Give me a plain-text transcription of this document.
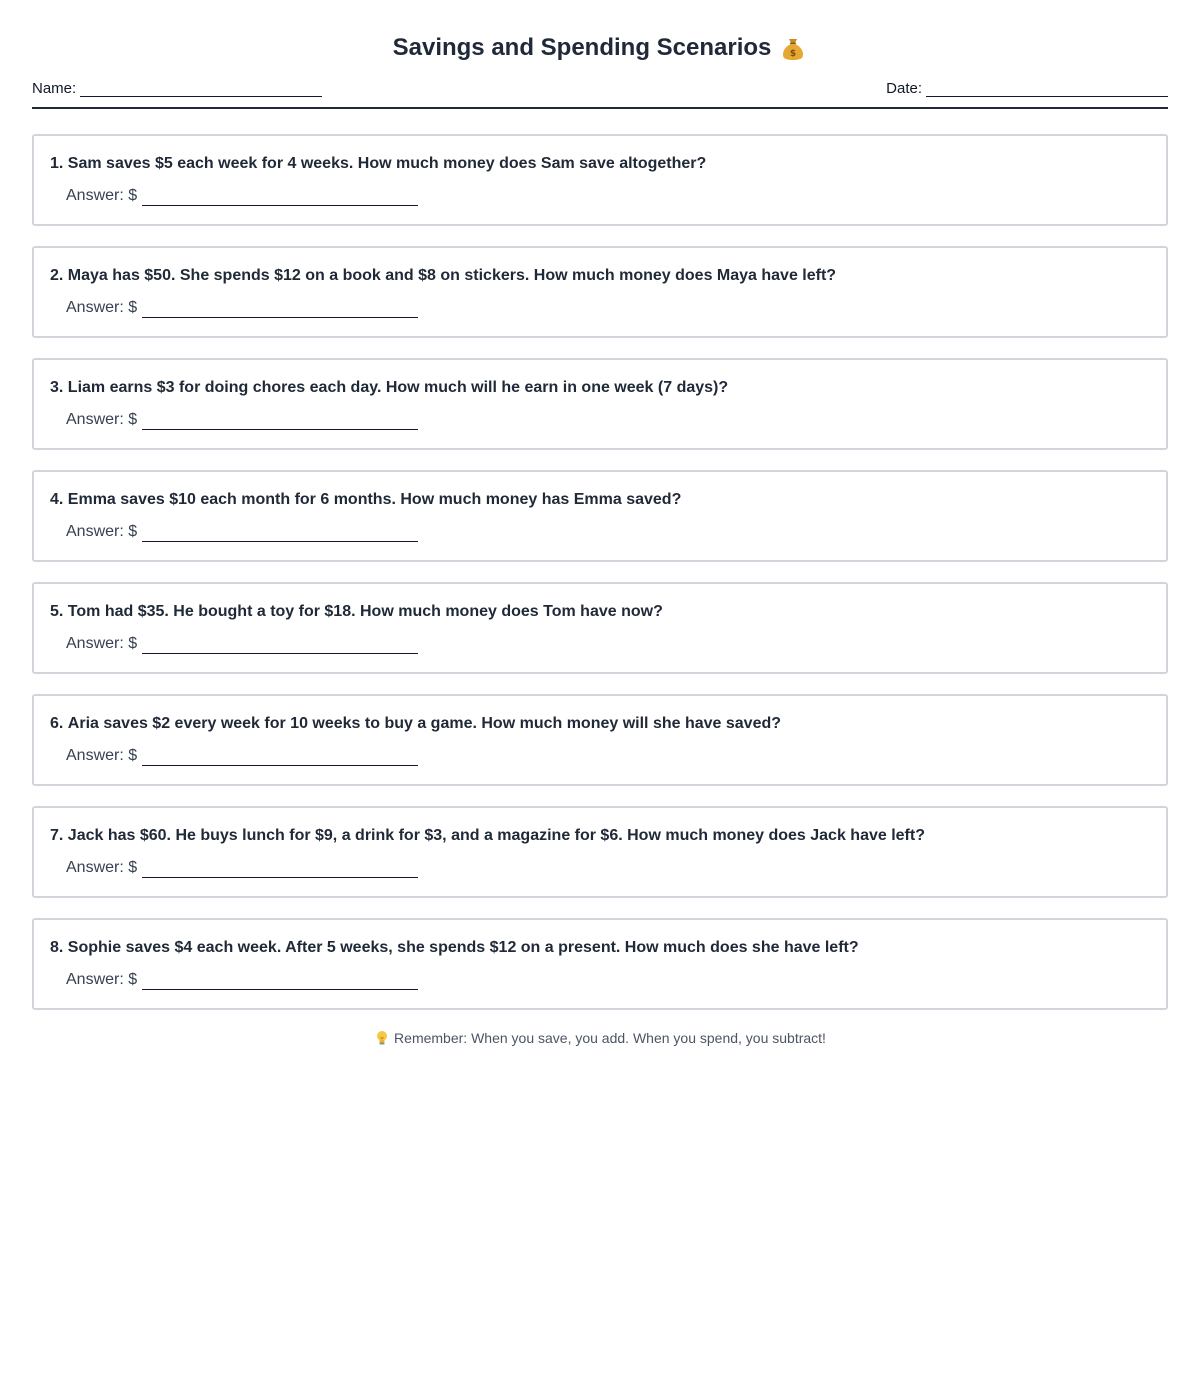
Savings and Spending Scenarios $
Name:	Date:
1.
Sam saves $5 each week for 4 weeks. How much money does Sam save altogether?
Answer: $
2.
Maya has $50. She spends $12 on a book and $8 on stickers. How much money does Maya have left?
Answer: $
3.
Liam earns $3 for doing chores each day. How much will he earn in one week (7 days)?
Answer: $
4.
Emma saves $10 each month for 6 months. How much money has Emma saved?
Answer: $
5.
Tom had $35. He bought a toy for $18. How much money does Tom have now?
Answer: $
6.
Aria saves $2 every week for 10 weeks to buy a game. How much money will she have saved?
Answer: $
7.
Jack has $60. He buys lunch for $9, a drink for $3, and a magazine for $6. How much money does Jack have left?
Answer: $
8.
Sophie saves $4 each week. After 5 weeks, she spends $12 on a present. How much does she have left?
Answer: $
Remember: When you save, you add. When you spend, you subtract!
